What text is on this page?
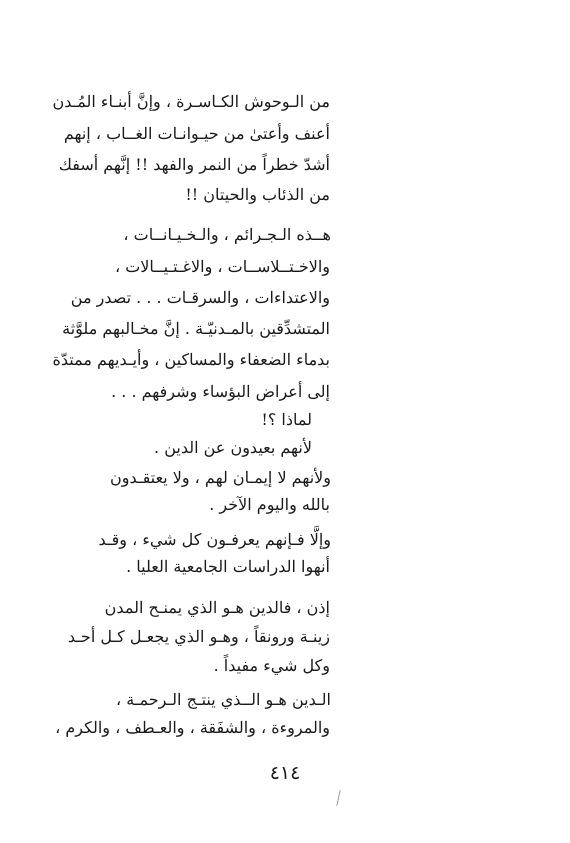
من الـوحوش الكـاسـرة ، وإنَّ أبنـاء المُـدن
أعنف وأعتىٰ من حيـوانـات الغــاب ، إنهم
أشدّ خطراً من النمر والفهد !! إنَّهم أسفك
من الذئاب والحيتان !!
هــذه الـجـرائم ، والـخـيـانــات ،
والاخـتــلاســات ، والاغـتـيــالات ،
والاعتداءات ، والسرقـات . . . تصدر من
المتشدِّقين بالمـدنيّـة . إنَّ مخـالبهم ملوَّثة
بدماء الضعفاء والمساكين ، وأيـديهم ممتدّة
إلى أعراض البؤساء وشرفهم . . .
لماذا ؟!
لأنهم بعيدون عن الدين .
ولأنهم لا إيمـان لهم ، ولا يعتقـدون
بالله واليوم الآخر .
وإلَّا فـإنهم يعرفـون كل شيء ، وقـد
أنهوا الدراسات الجامعية العليا .
إذن ، فالدين هـو الذي يمنـح المدن
زينـة ورونقاً ، وهـو الذي يجعـل كـل أحـد
وكل شيء مفيداً .
الـدين هـو الــذي ينتـج الـرحمـة ،
والمروءة ، والشفَقة ، والعـطف ، والكرم ،
٤١٤
